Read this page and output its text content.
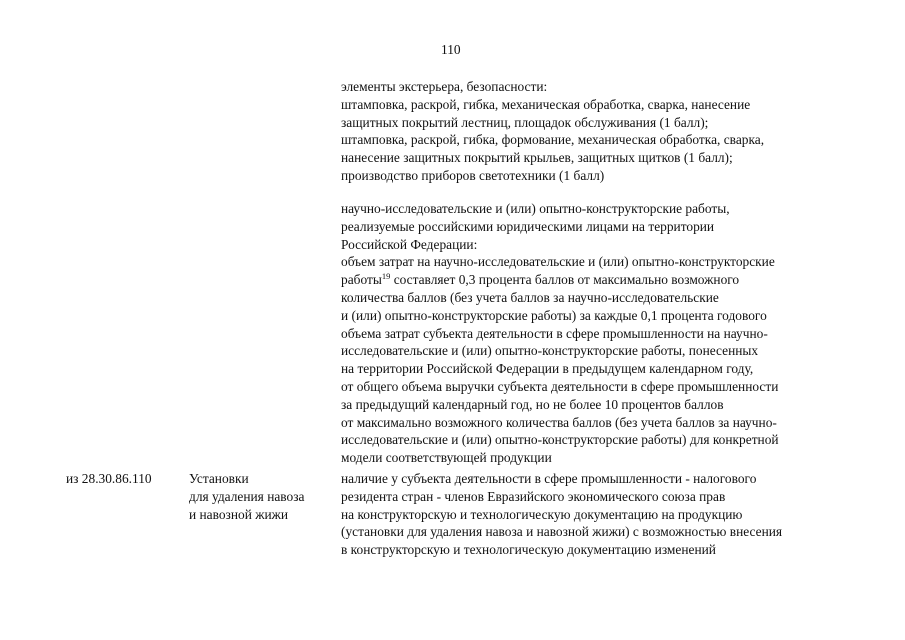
110
элементы экстерьера, безопасности:
штамповка, раскрой, гибка, механическая обработка, сварка, нанесение
защитных покрытий лестниц, площадок обслуживания (1 балл);
штамповка, раскрой, гибка, формование, механическая обработка, сварка,
нанесение защитных покрытий крыльев, защитных щитков (1 балл);
производство приборов светотехники (1 балл)
научно-исследовательские и (или) опытно-конструкторские работы,
реализуемые российскими юридическими лицами на территории
Российской Федерации:
объем затрат на научно-исследовательские и (или) опытно-конструкторские
работы$^{19}$ составляет 0,3 процента баллов от максимально возможного
количества баллов (без учета баллов за научно-исследовательские
и (или) опытно-конструкторские работы) за каждые 0,1 процента годового
объема затрат субъекта деятельности в сфере промышленности на научно-
исследовательские и (или) опытно-конструкторские работы, понесенных
на территории Российской Федерации в предыдущем календарном году,
от общего объема выручки субъекта деятельности в сфере промышленности
за предыдущий календарный год, но не более 10 процентов баллов
от максимально возможного количества баллов (без учета баллов за научно-
исследовательские и (или) опытно-конструкторские работы) для конкретной
модели соответствующей продукции
из 28.30.86.110	Установки
для удаления навоза
и навозной жижи
наличие у субъекта деятельности в сфере промышленности - налогового
резидента стран - членов Евразийского экономического союза прав
на конструкторскую и технологическую документацию на продукцию
(установки для удаления навоза и навозной жижи) с возможностью внесения
в конструкторскую и технологическую документацию изменений
